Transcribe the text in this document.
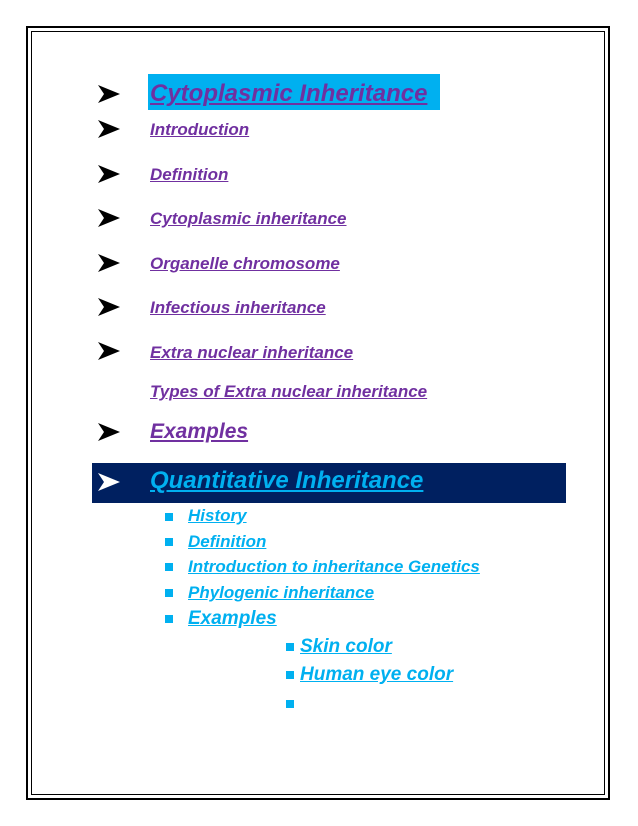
Cytoplasmic Inheritance
Introduction
Definition
Cytoplasmic inheritance
Organelle chromosome
Infectious inheritance
Extra nuclear inheritance
Types of Extra nuclear inheritance
Examples
Quantitative Inheritance
History
Definition
Introduction to inheritance Genetics
Phylogenic inheritance
Examples
Skin color
Human eye color
